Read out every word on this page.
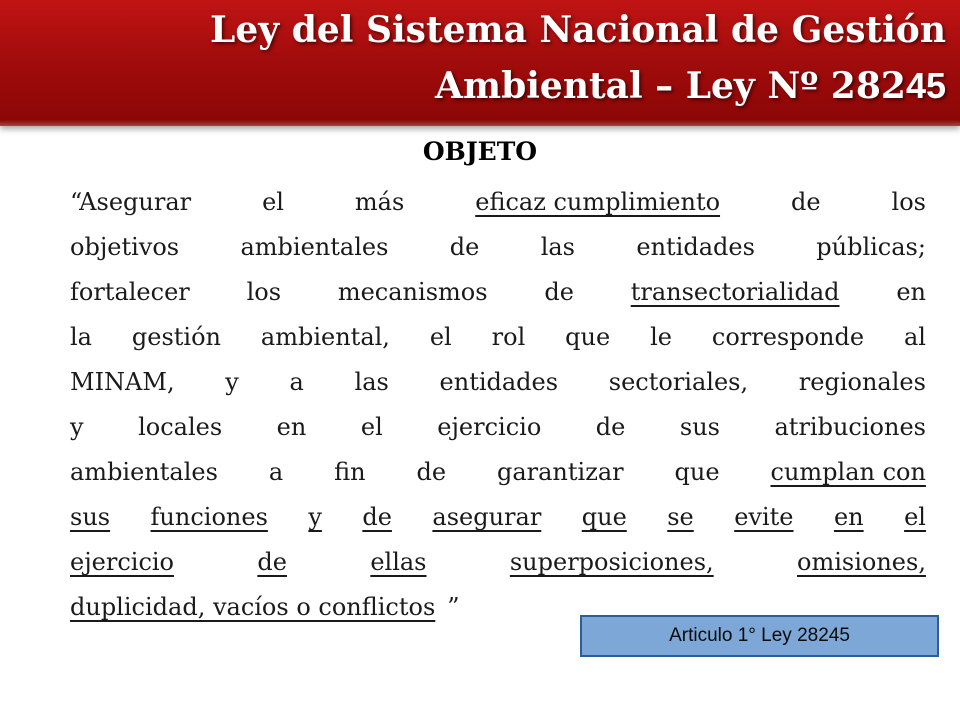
Ley del Sistema Nacional de Gestión
Ambiental – Ley Nº 28245
OBJETO
“Asegurar	el	más	eficaz cumplimiento	de	los
objetivos	ambientales	de	las	entidades	públicas;
fortalecer los mecanismos de transectorialidad en
la gestión ambiental, el rol que le corresponde al
MINAM, y a las entidades sectoriales, regionales
y locales en el ejercicio de sus atribuciones
ambientales a fin de garantizar que cumplan con
sus funciones y de asegurar que se evite en el
ejercicio	de	ellas	superposiciones,	omisiones,
duplicidad, vacíos o conflictos ”
Articulo 1° Ley 28245
